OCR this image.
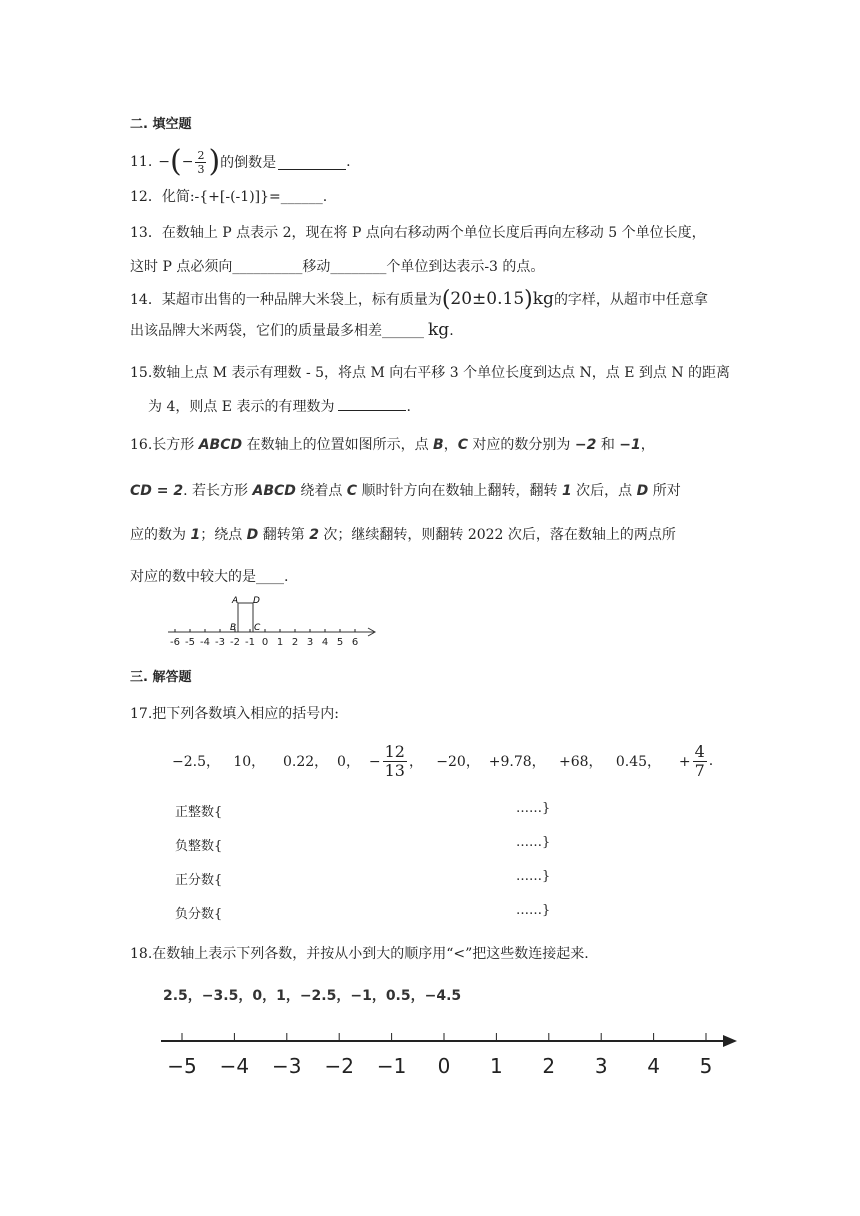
二. 填空题
11. − ( − $\frac{2}{3}$ ) 的倒数是	.
12．化简:-{+[-(-1)]}=______.
13．在数轴上 P 点表示 2，现在将 P 点向右移动两个单位长度后再向左移动 5 个单位长度，
这时 P 点必须向__________移动________个单位到达表示-3 的点。
14．某超市出售的一种品牌大米袋上，标有质量为 ( 20±0.15 ) kg 的字样，从超市中任意拿
出该品牌大米两袋，它们的质量最多相差______ kg .
15.数轴上点 M 表示有理数 - 5，将点 M 向右平移 3 个单位长度到达点 N，点 E 到点 N 的距离
为 4，则点 E 表示的有理数为	.
16.长方形 ABCD 在数轴上的位置如图所示，点 B，C 对应的数分别为 −2 和 −1，
CD = 2. 若长方形 ABCD 绕着点 C 顺时针方向在数轴上翻转，翻转 1 次后，点 D 所对
应的数为 1；绕点 D 翻转第 2 次；继续翻转，则翻转 2022 次后，落在数轴上的两点所
对应的数中较大的是____.
-6 -5 -4 -3 -2 -1 0 1 2 3 4 5 6
A D
B C
三. 解答题
17.把下列各数填入相应的括号内:
−2.5，   10，    0.22，  0，  − $\frac{12}{13}$ ，   −20，  +9.78，   +68，   0.45，    + $\frac{4}{7}$ .
正整数{	……}
负整数{	……}
正分数{	……}
负分数{	……}
18.在数轴上表示下列各数，并按从小到大的顺序用“<”把这些数连接起来.
2.5，−3.5，0，1，−2.5，−1，0.5，−4.5
−5 −4 −3 −2 −1 0 1 2 3 4 5
